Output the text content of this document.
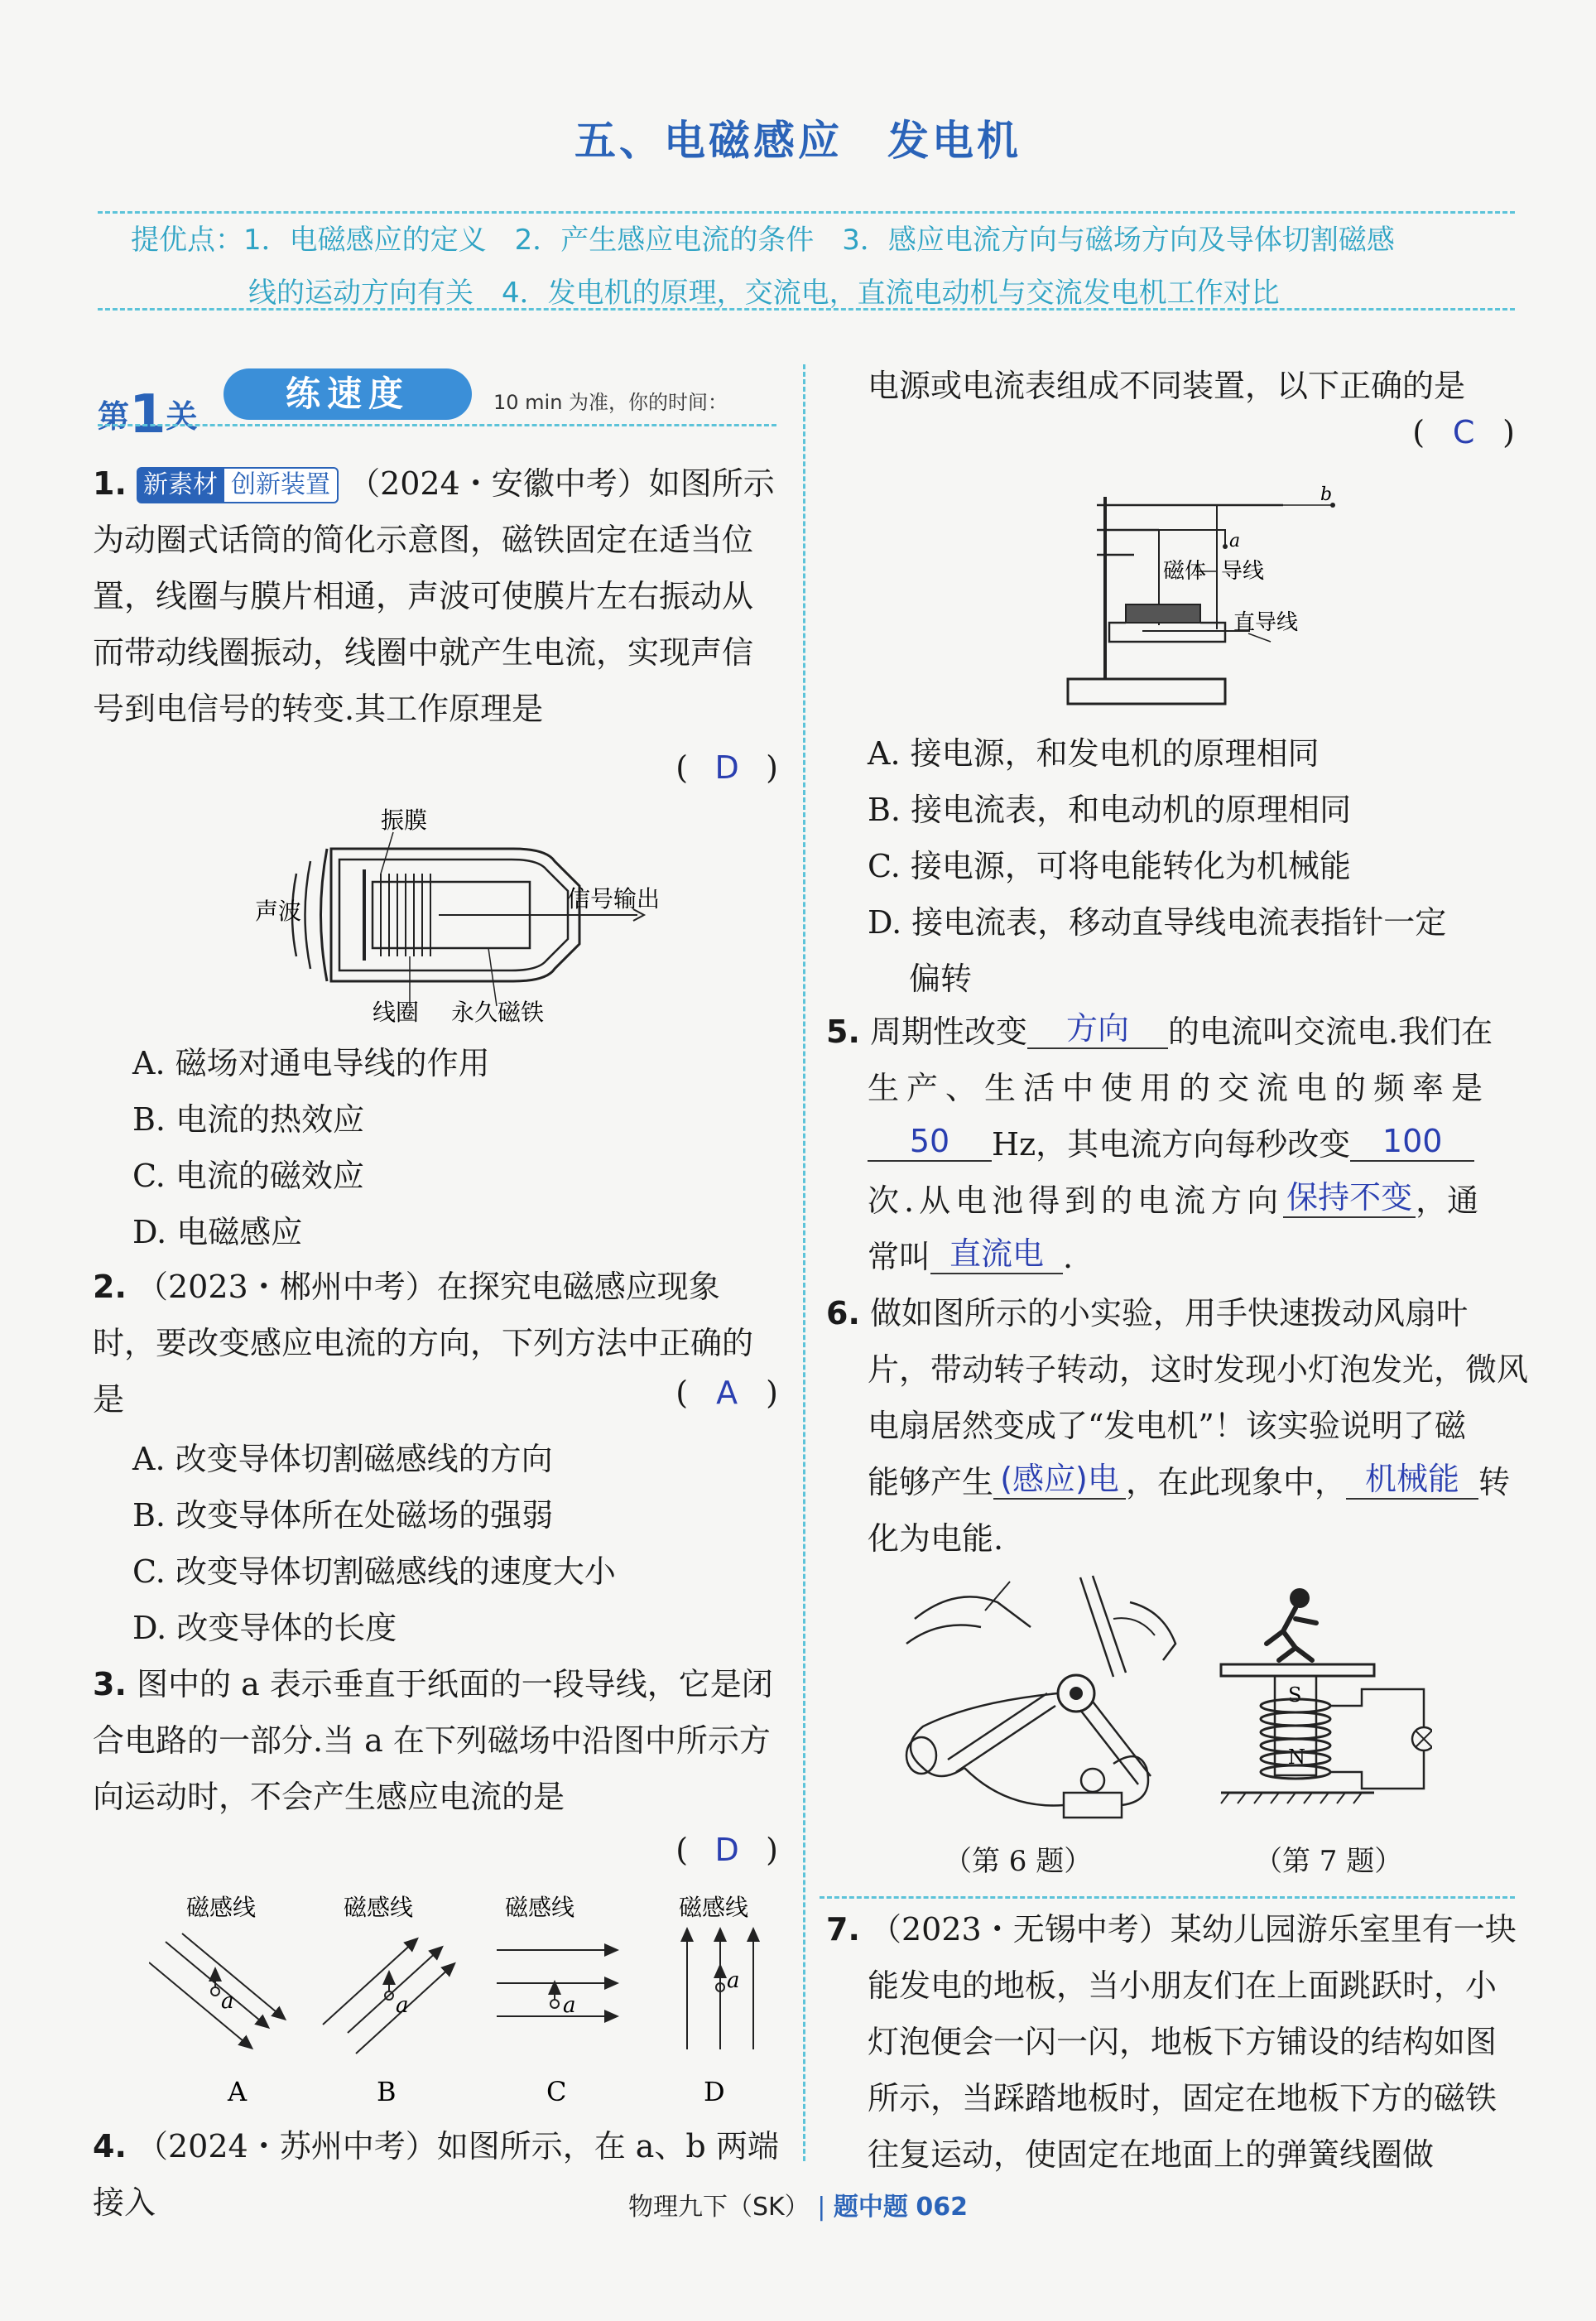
五、电磁感应　发电机
提优点：1．电磁感应的定义　2．产生感应电流的条件　3．感应电流方向与磁场方向及导体切割磁感
线的运动方向有关　4．发电机的原理，交流电，直流电动机与交流发电机工作对比
第1关
练速度	10 min 为准，你的时间：
1. 新素材 创新装置 （2024・安徽中考）如图所示为动圈式话筒的简化示意图，磁铁固定在适当位置，线圈与膜片相通，声波可使膜片左右振动从而带动线圈振动，线圈中就产生电流，实现声信号到电信号的转变.其工作原理是
( D )
振膜
声波	信号输出
线圈 永久磁铁
A. 磁场对通电导线的作用
B. 电流的热效应
C. 电流的磁效应
D. 电磁感应
2. （2023・郴州中考）在探究电磁感应现象时，要改变感应电流的方向，下列方法中正确的是	( A )
A. 改变导体切割磁感线的方向
B. 改变导体所在处磁场的强弱
C. 改变导体切割磁感线的速度大小
D. 改变导体的长度
3. 图中的 a 表示垂直于纸面的一段导线，它是闭合电路的一部分.当 a 在下列磁场中沿图中所示方向运动时，不会产生感应电流的是
( D )
磁感线
a
A
磁感线
a
B
磁感线
a
C
磁感线
a
D
4. （2024・苏州中考）如图所示，在 a、b 两端接入
电源或电流表组成不同装置，以下正确的是
( C )
b
a
磁体 导线
直导线
A. 接电源，和发电机的原理相同
B. 接电流表，和电动机的原理相同
C. 接电源，可将电能转化为机械能
D. 接电流表，移动直导线电流表指针一定
偏转
5. 周期性改变 方向 的电流叫交流电.我们在
生产、生活中使用的交流电的频率是
50 Hz，其电流方向每秒改变 100
次.从电池得到的电流方向 保持不变 ，通
常叫 直流电 .
6. 做如图所示的小实验，用手快速拨动风扇叶
片，带动转子转动，这时发现小灯泡发光，微风
电扇居然变成了“发电机”！该实验说明了磁
能够产生 (感应)电 ，在此现象中， 机械能 转
化为电能.
S
N
（第 6 题）	（第 7 题）
7. （2023・无锡中考）某幼儿园游乐室里有一块
能发电的地板，当小朋友们在上面跳跃时，小
灯泡便会一闪一闪，地板下方铺设的结构如图
所示，当踩踏地板时，固定在地板下方的磁铁
往复运动，使固定在地面上的弹簧线圈做
物理九下（SK） | 题中题 062
